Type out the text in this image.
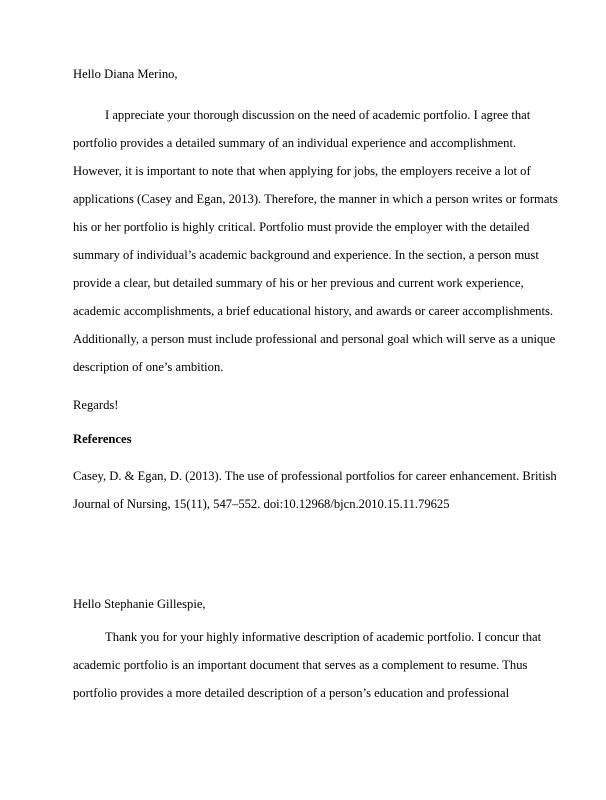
Hello Diana Merino,

I appreciate your thorough discussion on the need of academic portfolio. I agree that

portfolio provides a detailed summary of an individual experience and accomplishment.

However, it is important to note that when applying for jobs, the employers receive a lot of

applications (Casey and Egan, 2013). Therefore, the manner in which a person writes or formats

his or her portfolio is highly critical. Portfolio must provide the employer with the detailed

summary of individual’s academic background and experience. In the section, a person must

provide a clear, but detailed summary of his or her previous and current work experience,

academic accomplishments, a brief educational history, and awards or career accomplishments.

Additionally, a person must include professional and personal goal which will serve as a unique

description of one’s ambition.

Regards!

References

Casey, D. & Egan, D. (2013). The use of professional portfolios for career enhancement. British

Journal of Nursing, 15(11), 547–552. doi:10.12968/bjcn.2010.15.11.79625

Hello Stephanie Gillespie,

Thank you for your highly informative description of academic portfolio. I concur that

academic portfolio is an important document that serves as a complement to resume. Thus

portfolio provides a more detailed description of a person’s education and professional
